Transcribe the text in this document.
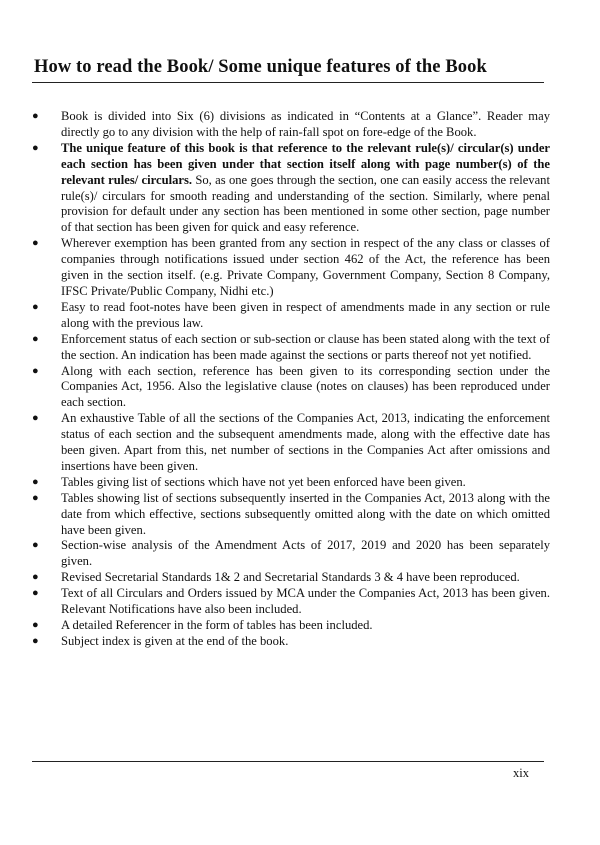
How to read the Book/ Some unique features of the Book
● Book is divided into Six (6) divisions as indicated in “Contents at a Glance”. Reader may directly go to any division with the help of rain-fall spot on fore-edge of the Book.
● The unique feature of this book is that reference to the relevant rule(s)/ circular(s) under each section has been given under that section itself along with page number(s) of the relevant rules/ circulars. So, as one goes through the section, one can easily access the relevant rule(s)/ circulars for smooth reading and understanding of the section. Similarly, where penal provision for default under any section has been mentioned in some other section, page number of that section has been given for quick and easy reference.
● Wherever exemption has been granted from any section in respect of the any class or classes of companies through notifications issued under section 462 of the Act, the reference has been given in the section itself. (e.g. Private Company, Government Company, Section 8 Company, IFSC Private/Public Company, Nidhi etc.)
● Easy to read foot-notes have been given in respect of amendments made in any section or rule along with the previous law.
● Enforcement status of each section or sub-section or clause has been stated along with the text of the section. An indication has been made against the sections or parts thereof not yet notified.
● Along with each section, reference has been given to its corresponding section under the Companies Act, 1956. Also the legislative clause (notes on clauses) has been reproduced under each section.
● An exhaustive Table of all the sections of the Companies Act, 2013, indicating the enforcement status of each section and the subsequent amendments made, along with the effective date has been given. Apart from this, net number of sections in the Companies Act after omissions and insertions have been given.
● Tables giving list of sections which have not yet been enforced have been given.
● Tables showing list of sections subsequently inserted in the Companies Act, 2013 along with the date from which effective, sections subsequently omitted along with the date on which omitted have been given.
● Section-wise analysis of the Amendment Acts of 2017, 2019 and 2020 has been separately given.
● Revised Secretarial Standards 1& 2 and Secretarial Standards 3 & 4 have been reproduced.
● Text of all Circulars and Orders issued by MCA under the Companies Act, 2013 has been given. Relevant Notifications have also been included.
● A detailed Referencer in the form of tables has been included.
● Subject index is given at the end of the book.
xix
